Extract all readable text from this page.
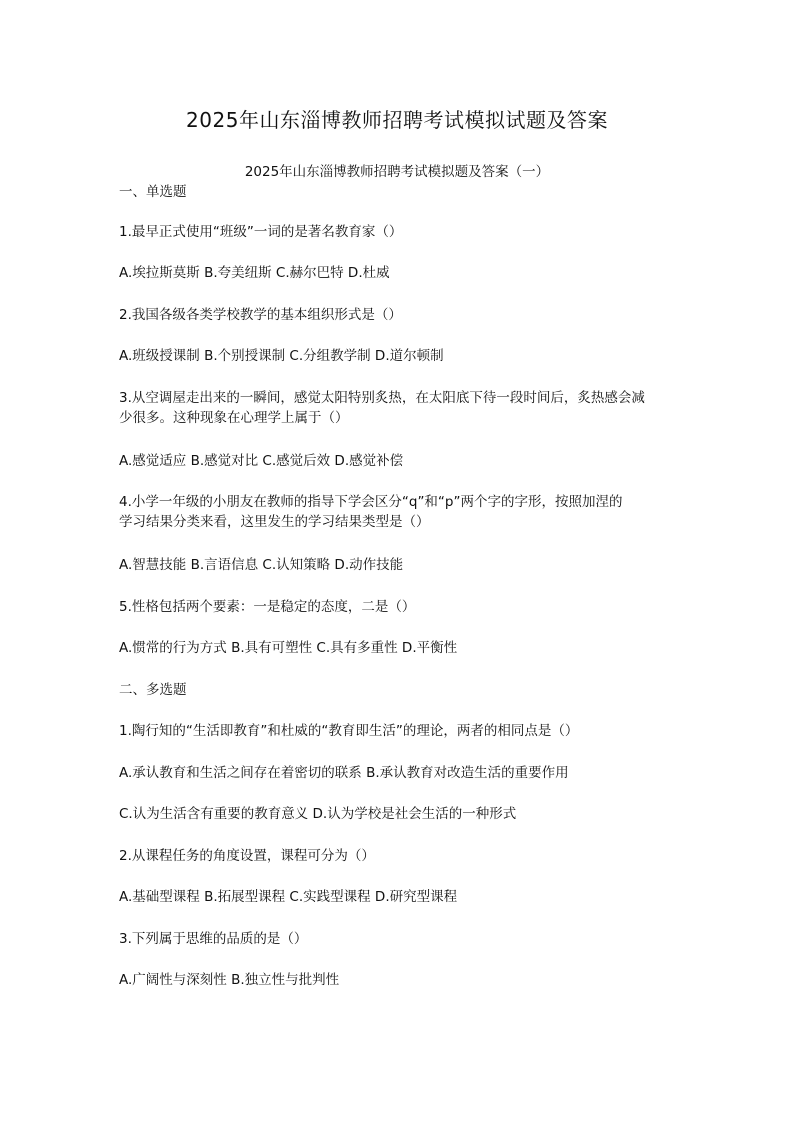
2025年山东淄博教师招聘考试模拟试题及答案
2025年山东淄博教师招聘考试模拟题及答案（一）
一、单选题
1.最早正式使用“班级”一词的是著名教育家（）
A.埃拉斯莫斯 B.夸美纽斯 C.赫尔巴特 D.杜威
2.我国各级各类学校教学的基本组织形式是（）
A.班级授课制 B.个别授课制 C.分组教学制 D.道尔顿制
3.从空调屋走出来的一瞬间，感觉太阳特别炙热，在太阳底下待一段时间后，炙热感会减
少很多。这种现象在心理学上属于（）
A.感觉适应 B.感觉对比 C.感觉后效 D.感觉补偿
4.小学一年级的小朋友在教师的指导下学会区分“q”和“p”两个字的字形，按照加涅的
学习结果分类来看，这里发生的学习结果类型是（）
A.智慧技能 B.言语信息 C.认知策略 D.动作技能
5.性格包括两个要素：一是稳定的态度，二是（）
A.惯常的行为方式 B.具有可塑性 C.具有多重性 D.平衡性
二、多选题
1.陶行知的“生活即教育”和杜威的“教育即生活”的理论，两者的相同点是（）
A.承认教育和生活之间存在着密切的联系 B.承认教育对改造生活的重要作用
C.认为生活含有重要的教育意义 D.认为学校是社会生活的一种形式
2.从课程任务的角度设置，课程可分为（）
A.基础型课程 B.拓展型课程 C.实践型课程 D.研究型课程
3.下列属于思维的品质的是（）
A.广阔性与深刻性 B.独立性与批判性
